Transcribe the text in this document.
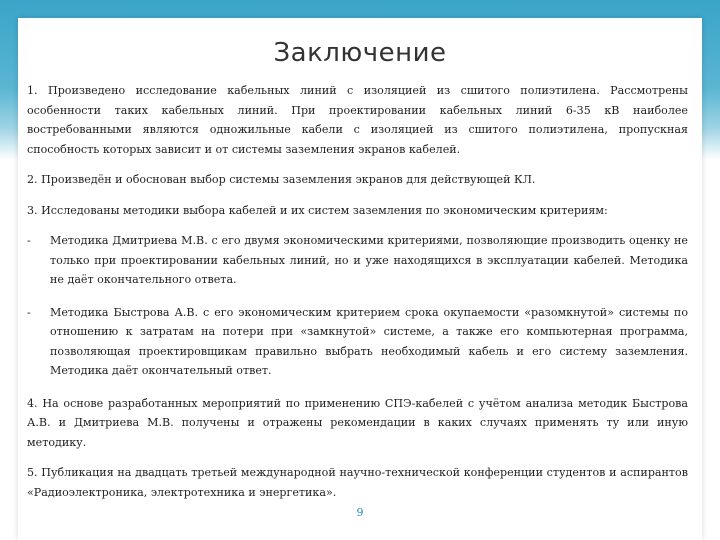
Заключение

1. Произведено исследование кабельных линий с изоляцией из сшитого полиэтилена. Рассмотрены особенности таких кабельных линий. При проектировании кабельных линий 6-35 кВ наиболее востребованными являются одножильные кабели с изоляцией из сшитого полиэтилена, пропускная способность которых зависит и от системы заземления экранов кабелей.

2. Произведён и обоснован выбор системы заземления экранов для действующей КЛ.

3. Исследованы методики выбора кабелей и их систем заземления по экономическим критериям:

-	Методика Дмитриева М.В. с его двумя экономическими критериями, позволяющие производить оценку не только при проектировании кабельных линий, но и уже находящихся в эксплуатации кабелей. Методика не даёт окончательного ответа.
-	Методика Быстрова А.В. с его экономическим критерием срока окупаемости «разомкнутой» системы по отношению к затратам на потери при «замкнутой» системе, а также его компьютерная программа, позволяющая проектировщикам правильно выбрать необходимый кабель и его систему заземления. Методика даёт окончательный ответ.

4. На основе разработанных мероприятий по применению СПЭ-кабелей с учётом анализа методик Быстрова А.В. и Дмитриева М.В. получены и отражены рекомендации в каких случаях применять ту или иную методику.

5. Публикация на двадцать третьей международной научно-технической конференции студентов и аспирантов «Радиоэлектроника, электротехника и энергетика».

9
